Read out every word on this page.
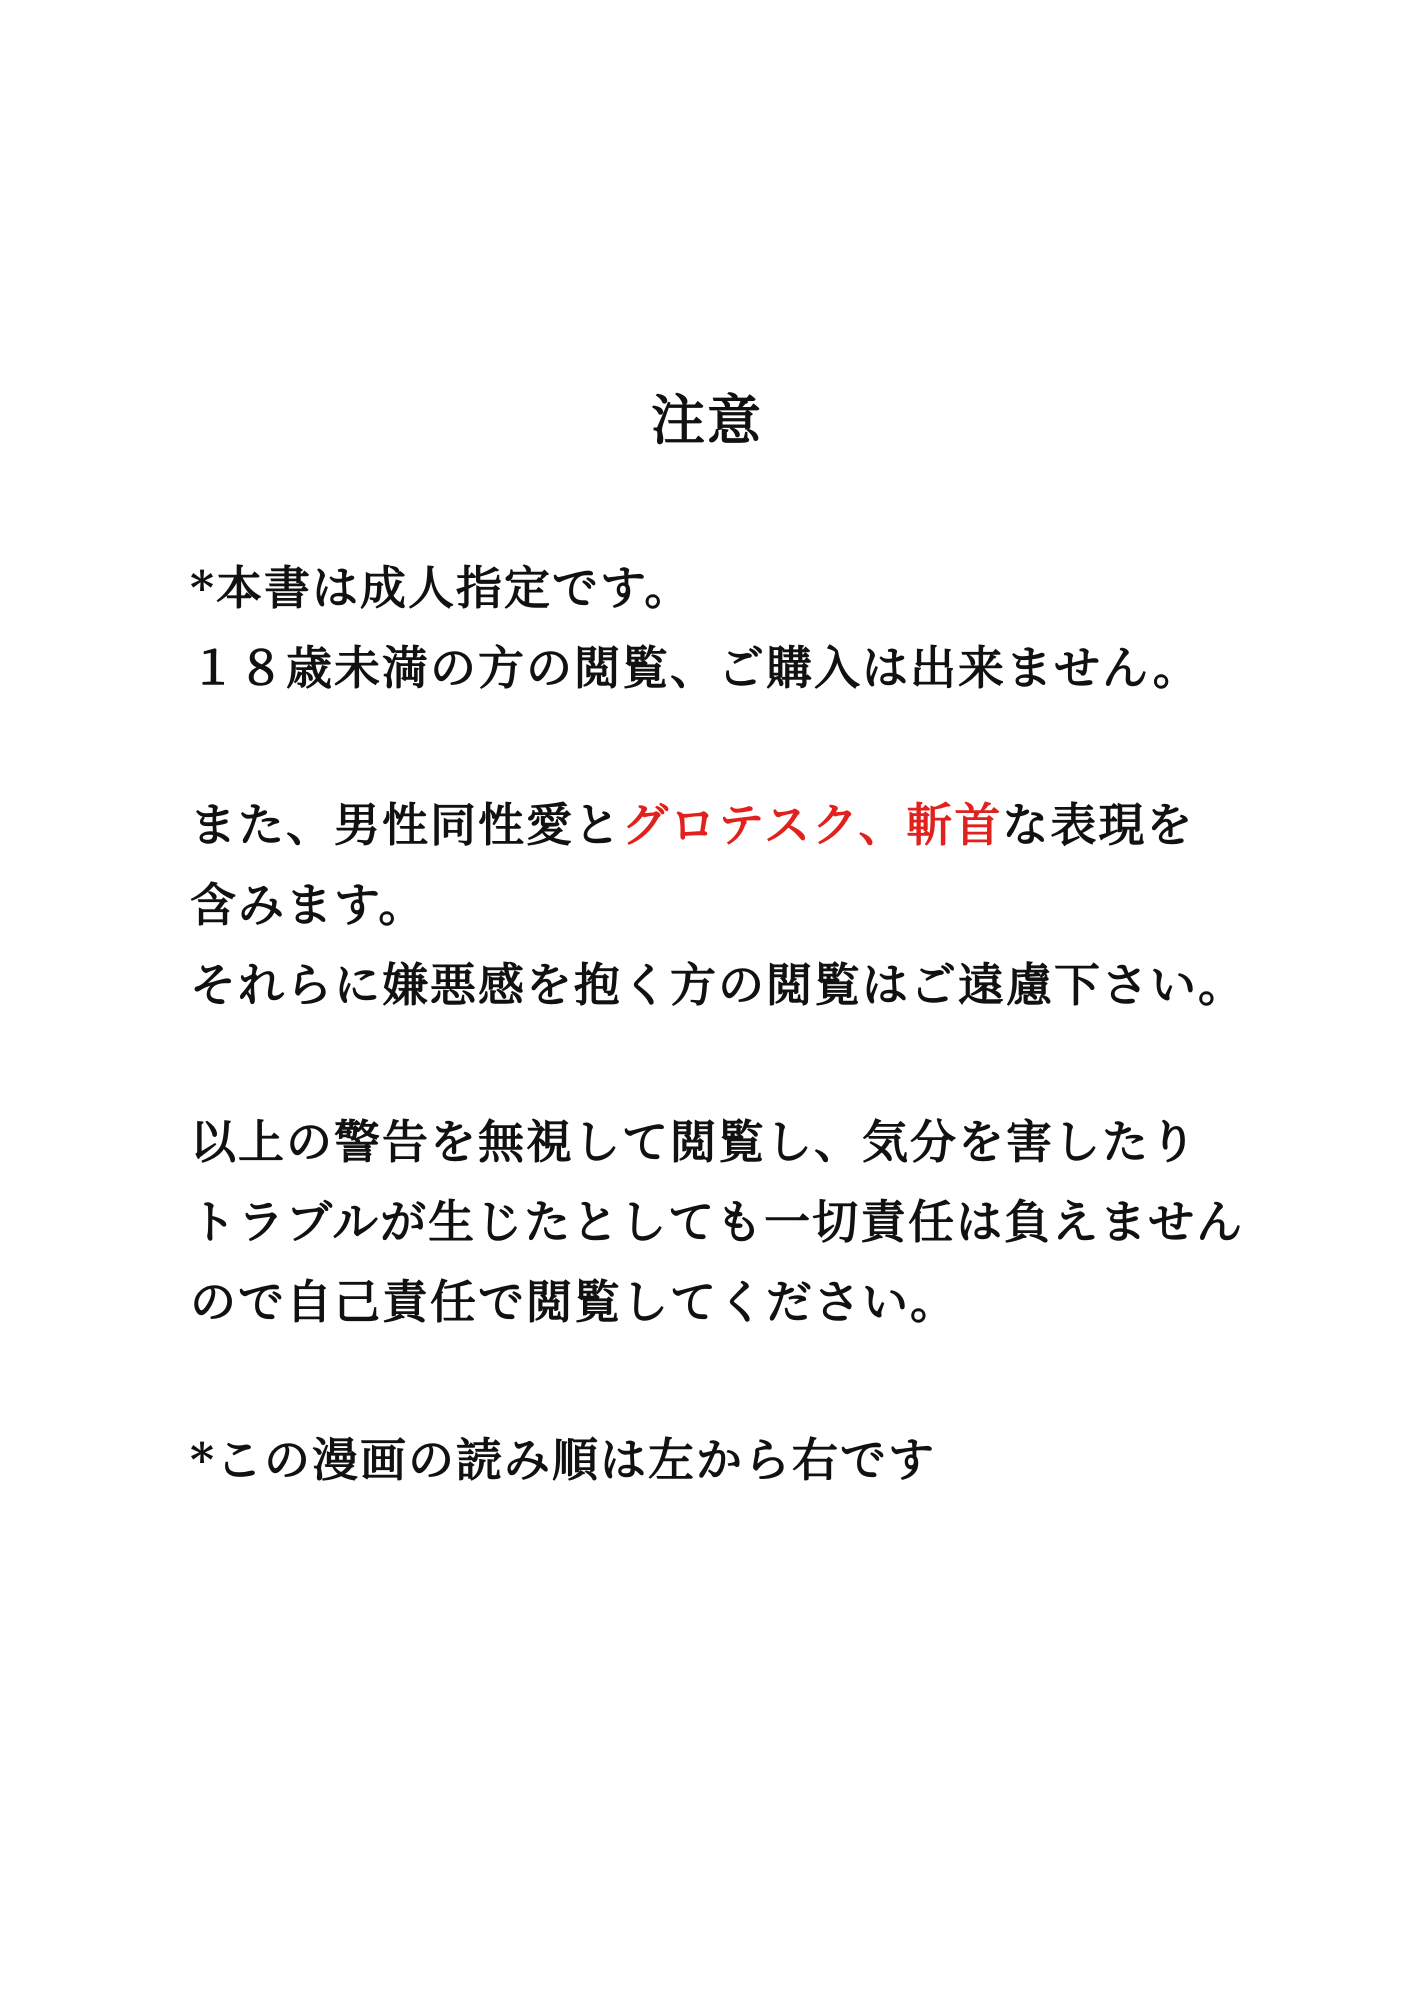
注意
*本書は成人指定です。
１８歳未満の方の閲覧、ご購入は出来ません。
また、男性同性愛とグロテスク、斬首な表現を
含みます。
それらに嫌悪感を抱く方の閲覧はご遠慮下さい。
以上の警告を無視して閲覧し、気分を害したり
トラブルが生じたとしても一切責任は負えません
ので自己責任で閲覧してください。
*この漫画の読み順は左から右です
